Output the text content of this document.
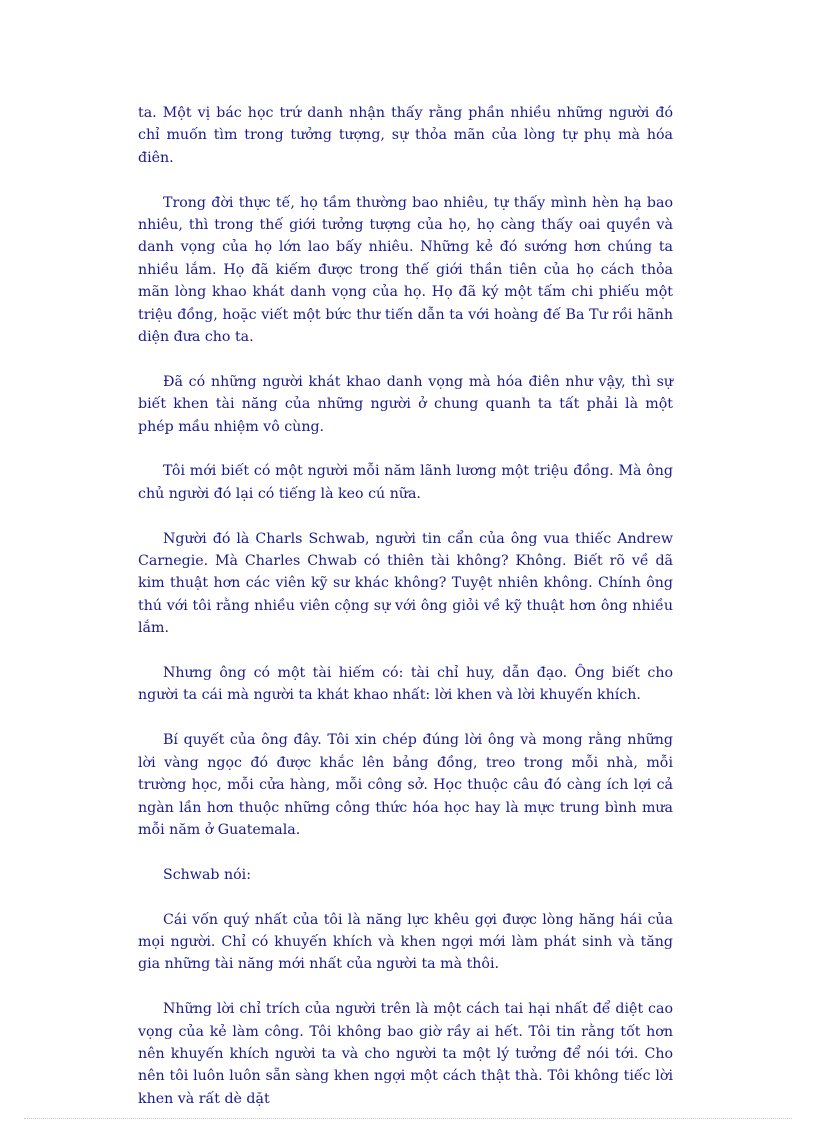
ta. Một vị bác học trứ danh nhận thấy rằng phần nhiều những người đó chỉ muốn tìm trong tưởng tượng, sự thỏa mãn của lòng tự phụ mà hóa điên.

Trong đời thực tế, họ tầm thường bao nhiêu, tự thấy mình hèn hạ bao nhiêu, thì trong thế giới tưởng tượng của họ, họ càng thấy oai quyền và danh vọng của họ lớn lao bấy nhiêu. Những kẻ đó sướng hơn chúng ta nhiều lắm. Họ đã kiếm được trong thế giới thần tiên của họ cách thỏa mãn lòng khao khát danh vọng của họ. Họ đã ký một tấm chi phiếu một triệu đồng, hoặc viết một bức thư tiến dẫn ta với hoàng đế Ba Tư rồi hãnh diện đưa cho ta.

Đã có những người khát khao danh vọng mà hóa điên như vậy, thì sự biết khen tài năng của những người ở chung quanh ta tất phải là một phép mầu nhiệm vô cùng.

Tôi mới biết có một người mỗi năm lãnh lương một triệu đồng. Mà ông chủ người đó lại có tiếng là keo cú nữa.

Người đó là Charls Schwab, người tin cẩn của ông vua thiếc Andrew Carnegie. Mà Charles Chwab có thiên tài không? Không. Biết rõ về dã kim thuật hơn các viên kỹ sư khác không? Tuyệt nhiên không. Chính ông thú với tôi rằng nhiều viên cộng sự với ông giỏi về kỹ thuật hơn ông nhiều lắm.

Nhưng ông có một tài hiếm có: tài chỉ huy, dẫn đạo. Ông biết cho người ta cái mà người ta khát khao nhất: lời khen và lời khuyến khích.

Bí quyết của ông đây. Tôi xin chép đúng lời ông và mong rằng những lời vàng ngọc đó được khắc lên bảng đồng, treo trong mỗi nhà, mỗi trường học, mỗi cửa hàng, mỗi công sở. Học thuộc câu đó càng ích lợi cả ngàn lần hơn thuộc những công thức hóa học hay là mực trung bình mưa mỗi năm ở Guatemala.

Schwab nói:

Cái vốn quý nhất của tôi là năng lực khêu gợi được lòng hăng hái của mọi người. Chỉ có khuyến khích và khen ngợi mới làm phát sinh và tăng gia những tài năng mới nhất của người ta mà thôi.

Những lời chỉ trích của người trên là một cách tai hại nhất để diệt cao vọng của kẻ làm công. Tôi không bao giờ rầy ai hết. Tôi tin rằng tốt hơn nên khuyến khích người ta và cho người ta một lý tưởng để nói tới. Cho nên tôi luôn luôn sẵn sàng khen ngợi một cách thật thà. Tôi không tiếc lời khen và rất dè dặt
